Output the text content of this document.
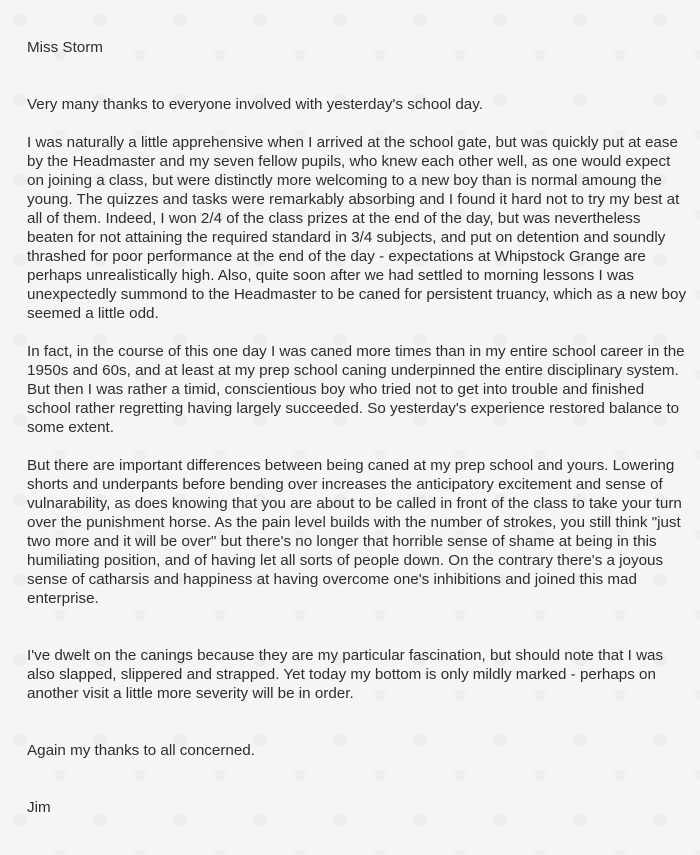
Miss Storm

Very many thanks to everyone involved with yesterday's school day.

I was naturally a little apprehensive when I arrived at the school gate, but was quickly put at ease by the Headmaster and my seven fellow pupils, who knew each other well, as one would expect on joining a class, but were distinctly more welcoming to a new boy than is normal amoung the young. The quizzes and tasks were remarkably absorbing and I found it hard not to try my best at all of them. Indeed, I won 2/4 of the class prizes at the end of the day, but was nevertheless beaten for not attaining the required standard in 3/4 subjects, and put on detention and soundly thrashed for poor performance at the end of the day - expectations at Whipstock Grange are perhaps unrealistically high. Also, quite soon after we had settled to morning lessons I was unexpectedly summond to the Headmaster to be caned for persistent truancy, which as a new boy seemed a little odd.

In fact, in the course of this one day I was caned more times than in my entire school career in the 1950s and 60s, and at least at my prep school caning underpinned the entire disciplinary system. But then I was rather a timid, conscientious boy who tried not to get into trouble and finished school rather regretting having largely succeeded. So yesterday's experience restored balance to some extent.

But there are important differences between being caned at my prep school and yours. Lowering shorts and underpants before bending over increases the anticipatory excitement and sense of vulnarability, as does knowing that you are about to be called in front of the class to take your turn over the punishment horse. As the pain level builds with the number of strokes, you still think "just two more and it will be over" but there's no longer that horrible sense of shame at being in this humiliating position, and of having let all sorts of people down. On the contrary there's a joyous sense of catharsis and happiness at having overcome one's inhibitions and joined this mad enterprise.

I've dwelt on the canings because they are my particular fascination, but should note that I was also slapped, slippered and strapped. Yet today my bottom is only mildly marked - perhaps on another visit a little more severity will be in order.

Again my thanks to all concerned.

Jim
